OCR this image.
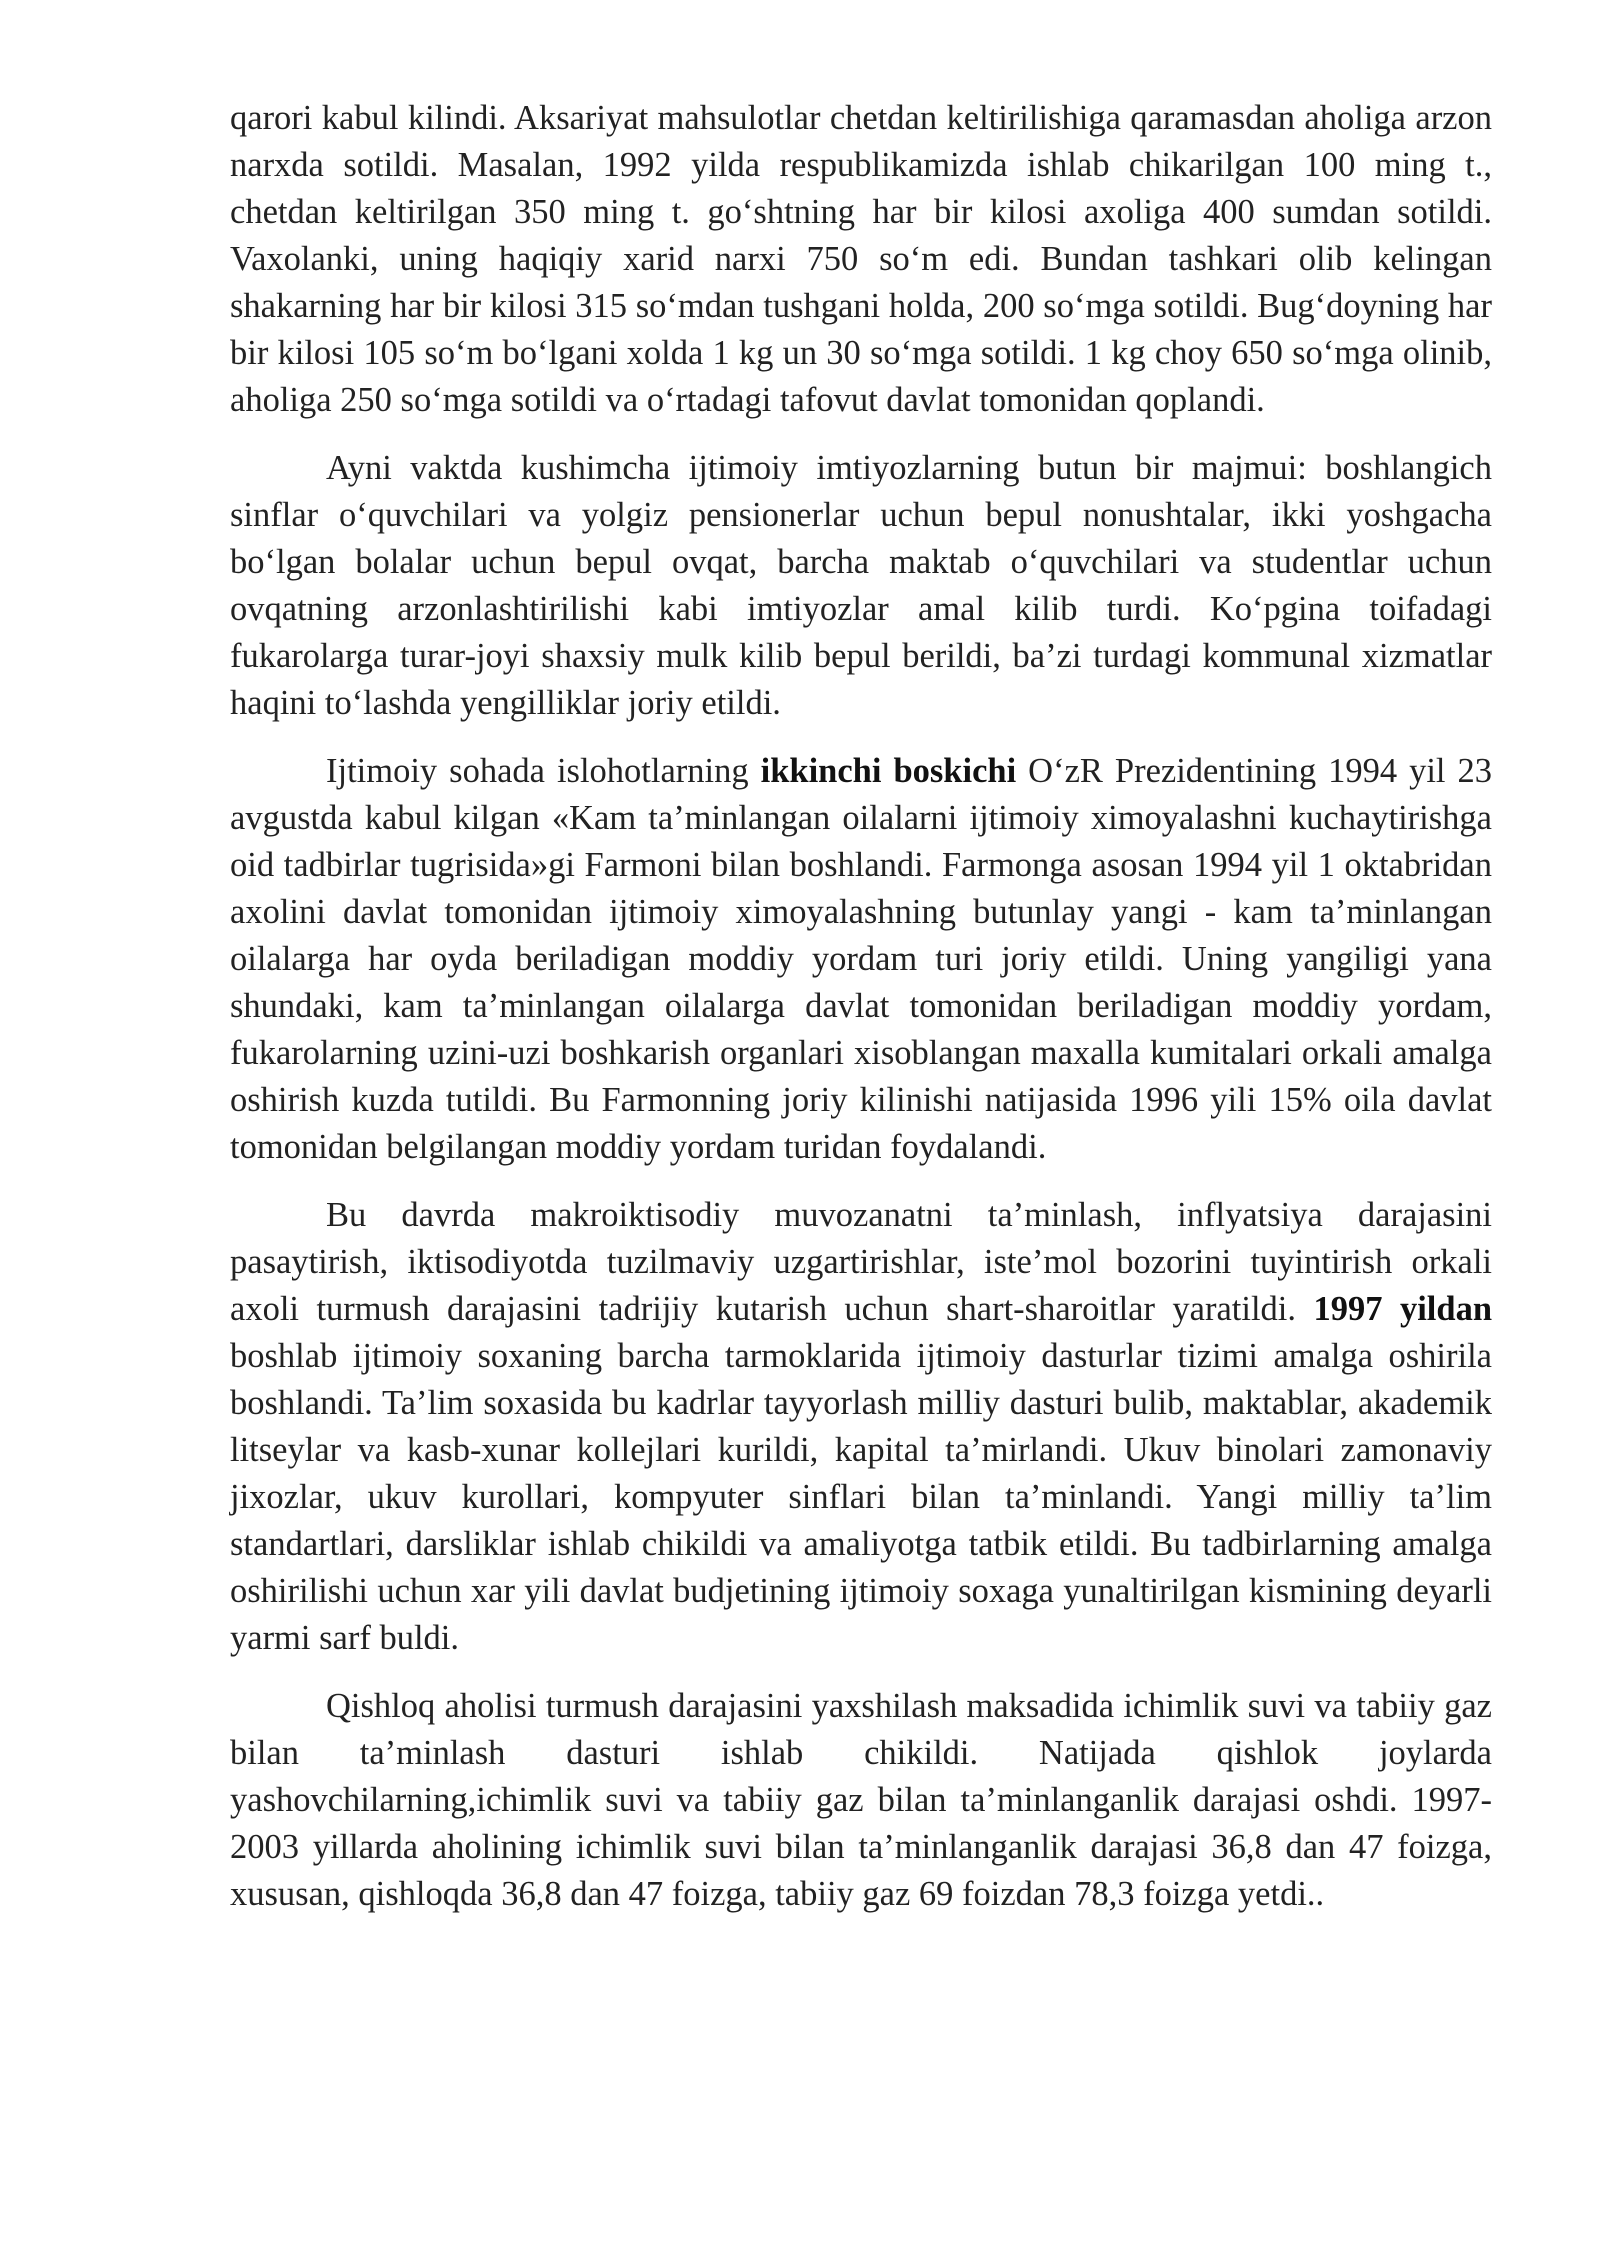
qarori kabul kilindi. Aksariyat mahsulotlar chetdan keltirilishiga qaramasdan aholiga arzon narxda sotildi. Masalan, 1992 yilda respublikamizda ishlab chikarilgan 100 ming t., chetdan keltirilgan 350 ming t. go‘shtning har bir kilosi axoliga 400 sumdan sotildi. Vaxolanki, uning haqiqiy xarid narxi 750 so‘m edi. Bundan tashkari olib kelingan shakarning har bir kilosi 315 so‘mdan tushgani holda, 200 so‘mga sotildi. Bug‘doyning har bir kilosi 105 so‘m bo‘lgani xolda 1 kg un 30 so‘mga sotildi. 1 kg choy 650 so‘mga olinib, aholiga 250 so‘mga sotildi va o‘rtadagi tafovut davlat tomonidan qoplandi.

Ayni vaktda kushimcha ijtimoiy imtiyozlarning butun bir majmui: boshlangich sinflar o‘quvchilari va yolgiz pensionerlar uchun bepul nonushtalar, ikki yoshgacha bo‘lgan bolalar uchun bepul ovqat, barcha maktab o‘quvchilari va studentlar uchun ovqatning arzonlashtirilishi kabi imtiyozlar amal kilib turdi. Ko‘pgina toifadagi fukarolarga turar-joyi shaxsiy mulk kilib bepul berildi, ba’zi turdagi kommunal xizmatlar haqini to‘lashda yengilliklar joriy etildi.

Ijtimoiy sohada islohotlarning ikkinchi boskichi O‘zR Prezidentining 1994 yil 23 avgustda kabul kilgan «Kam ta’minlangan oilalarni ijtimoiy ximoyalashni kuchaytirishga oid tadbirlar tugrisida»gi Farmoni bilan boshlandi. Farmonga asosan 1994 yil 1 oktabridan axolini davlat tomonidan ijtimoiy ximoyalashning butunlay yangi - kam ta’minlangan oilalarga har oyda beriladigan moddiy yordam turi joriy etildi. Uning yangiligi yana shundaki, kam ta’minlangan oilalarga davlat tomonidan beriladigan moddiy yordam, fukarolarning uzini-uzi boshkarish organlari xisoblangan maxalla kumitalari orkali amalga oshirish kuzda tutildi. Bu Farmonning joriy kilinishi natijasida 1996 yili 15% oila davlat tomonidan belgilangan moddiy yordam turidan foydalandi.

Bu davrda makroiktisodiy muvozanatni ta’minlash, inflyatsiya darajasini pasaytirish, iktisodiyotda tuzilmaviy uzgartirishlar, iste’mol bozorini tuyintirish orkali axoli turmush darajasini tadrijiy kutarish uchun shart-sharoitlar yaratildi. 1997 yildan boshlab ijtimoiy soxaning barcha tarmoklarida ijtimoiy dasturlar tizimi amalga oshirila boshlandi. Ta’lim soxasida bu kadrlar tayyorlash milliy dasturi bulib, maktablar, akademik litseylar va kasb-xunar kollejlari kurildi, kapital ta’mirlandi. Ukuv binolari zamonaviy jixozlar, ukuv kurollari, kompyuter sinflari bilan ta’minlandi. Yangi milliy ta’lim standartlari, darsliklar ishlab chikildi va amaliyotga tatbik etildi. Bu tadbirlarning amalga oshirilishi uchun xar yili davlat budjetining ijtimoiy soxaga yunaltirilgan kismining deyarli yarmi sarf buldi.

Qishloq aholisi turmush darajasini yaxshilash maksadida ichimlik suvi va tabiiy gaz bilan ta’minlash dasturi ishlab chikildi. Natijada qishlok joylarda yashovchilarning,ichimlik suvi va tabiiy gaz bilan ta’minlanganlik darajasi oshdi. 1997-2003 yillarda aholining ichimlik suvi bilan ta’minlanganlik darajasi 36,8 dan 47 foizga, xususan, qishloqda 36,8 dan 47 foizga, tabiiy gaz 69 foizdan 78,3 foizga yetdi..
